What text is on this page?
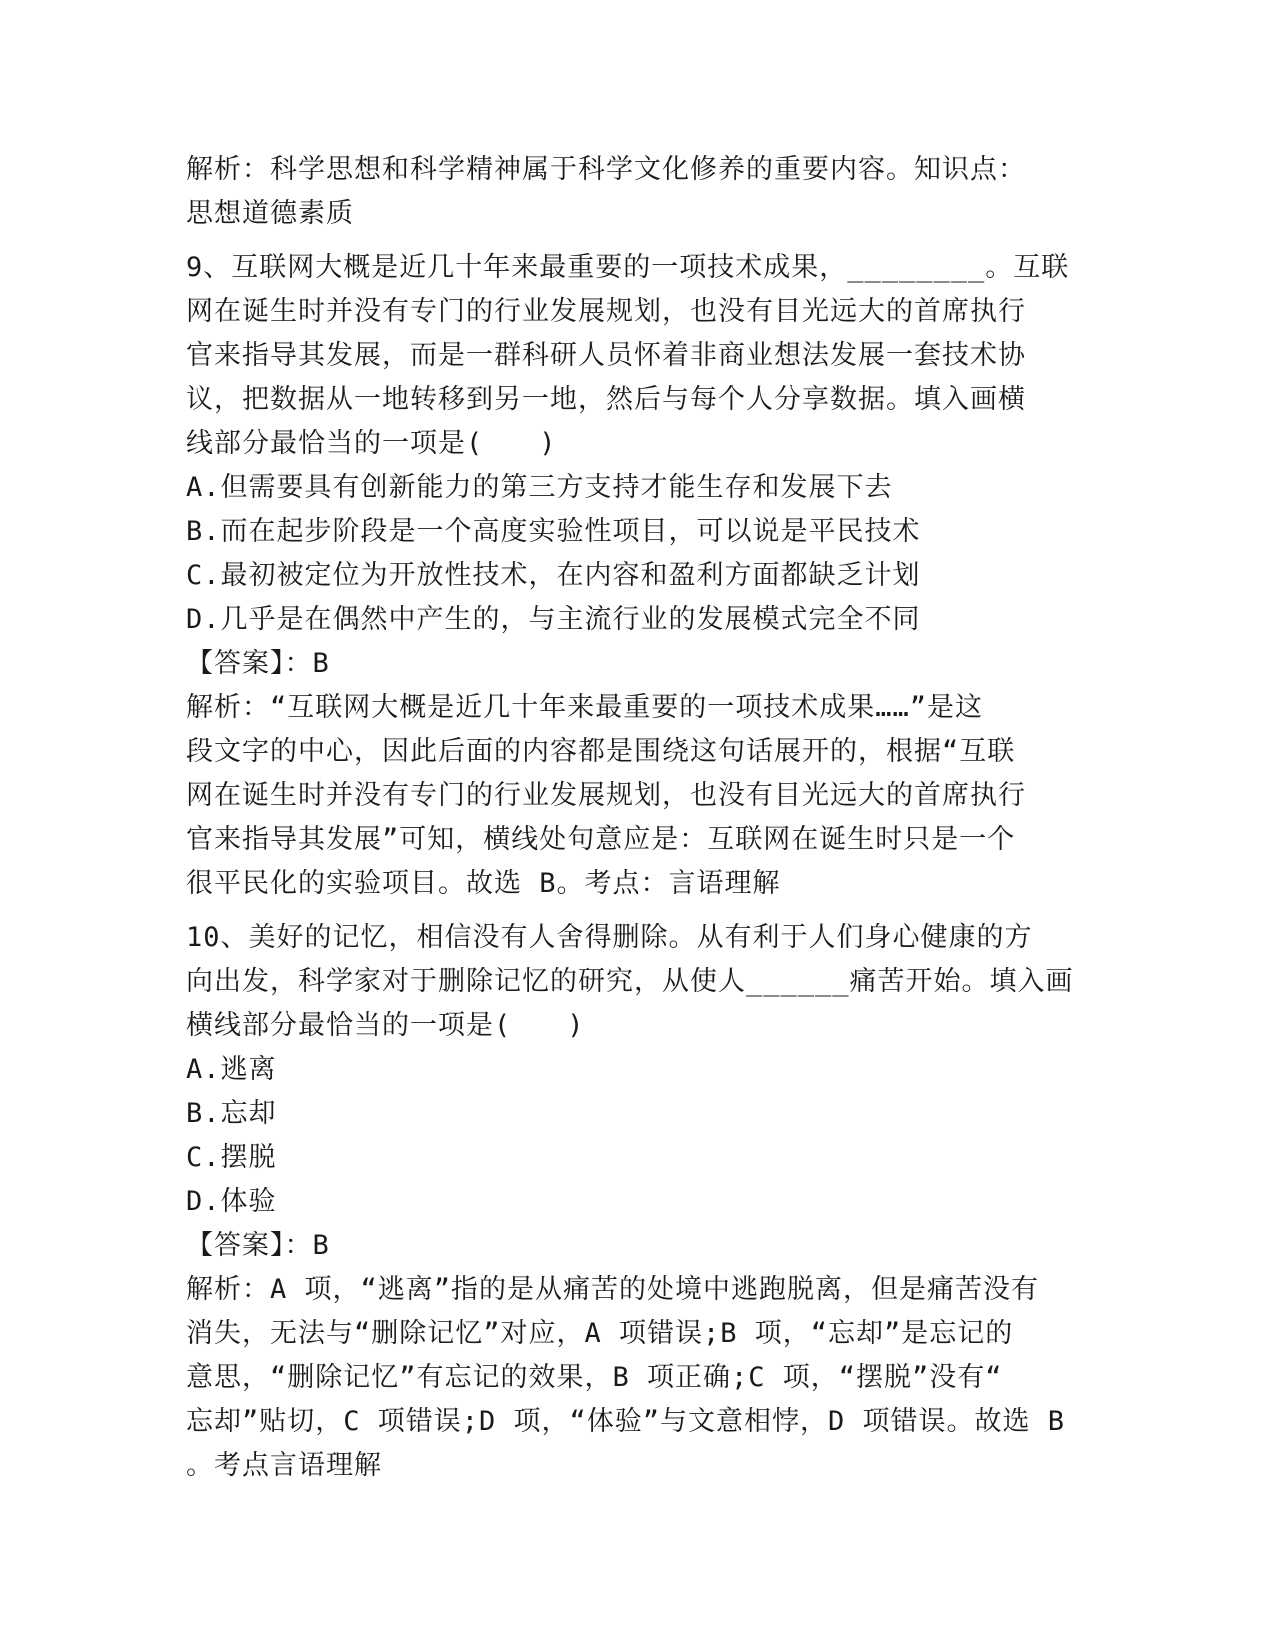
解析：科学思想和科学精神属于科学文化修养的重要内容。知识点：
思想道德素质
9、互联网大概是近几十年来最重要的一项技术成果，________。互联
网在诞生时并没有专门的行业发展规划，也没有目光远大的首席执行
官来指导其发展，而是一群科研人员怀着非商业想法发展一套技术协
议，把数据从一地转移到另一地，然后与每个人分享数据。填入画横
线部分最恰当的一项是(　　)
A.但需要具有创新能力的第三方支持才能生存和发展下去
B.而在起步阶段是一个高度实验性项目，可以说是平民技术
C.最初被定位为开放性技术，在内容和盈利方面都缺乏计划
D.几乎是在偶然中产生的，与主流行业的发展模式完全不同
【答案】：B
解析：“互联网大概是近几十年来最重要的一项技术成果……”是这
段文字的中心，因此后面的内容都是围绕这句话展开的，根据“互联
网在诞生时并没有专门的行业发展规划，也没有目光远大的首席执行
官来指导其发展”可知，横线处句意应是：互联网在诞生时只是一个
很平民化的实验项目。故选 B。考点：言语理解
10、美好的记忆，相信没有人舍得删除。从有利于人们身心健康的方
向出发，科学家对于删除记忆的研究，从使人______痛苦开始。填入画
横线部分最恰当的一项是(　　)
A.逃离
B.忘却
C.摆脱
D.体验
【答案】：B
解析：A 项，“逃离”指的是从痛苦的处境中逃跑脱离，但是痛苦没有
消失，无法与“删除记忆”对应，A 项错误;B 项，“忘却”是忘记的
意思，“删除记忆”有忘记的效果，B 项正确;C 项，“摆脱”没有“
忘却”贴切，C 项错误;D 项，“体验”与文意相悖，D 项错误。故选 B
。考点言语理解
